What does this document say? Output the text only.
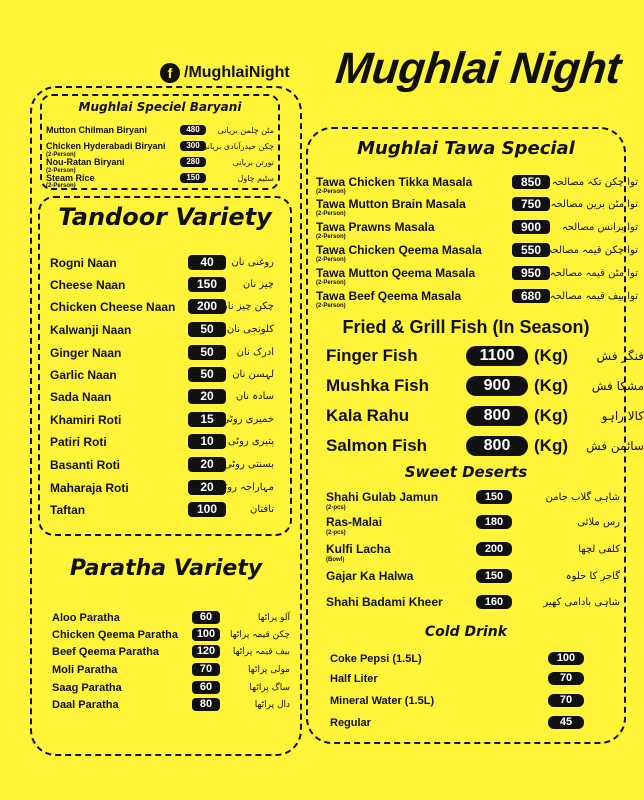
f /MughlaiNight Mughlai Night
Mughlai Speciel Baryani
Mutton Chilman Biryani	480	مٹن چلمن بریانی
Chicken Hyderabadi Biryani	300 چکن حیدرآبادی بریانی
(2-Person)
Nou-Ratan Biryani	280	نورتن بریانی
(2-Person)
Steam Rice	150	سٹیم چاول
(2-Person)
Tandoor Variety
Rogni Naan	40	روغنی نان
Cheese Naan	150	چیز نان
Chicken Cheese Naan	200 چکن چیز نان
Kalwanji Naan	50	کلونجی نان
Ginger Naan	50	ادرک نان
Garlic Naan	50	لہسن نان
Sada Naan	20	سادہ نان
Khamiri Roti	15 خمیری روٹی
Patiri Roti	10	پتیری روٹی
Basanti Roti	20	بسنتی روٹی
Maharaja Roti	20 مہاراجہ روٹی
Taftan	100	تافتان
Paratha Variety
Aloo Paratha	60	آلو پراٹھا
Chicken Qeema Paratha	100	چکن قیمہ پراٹھا
Beef Qeema Paratha	120	بیف قیمہ پراٹھا
Moli Paratha	70	مولی پراٹھا
Saag Paratha	60	ساگ پراٹھا
Daal Paratha	80	دال پراٹھا
Mughlai Tawa Special
Tawa Chicken Tikka Masala	850	توا چکن تکہ مصالحہ
(2-Person)
Tawa Mutton Brain Masala	750 توا مٹن برین مصالحہ
(2-Person)
Tawa Prawns Masala	900	توا پرانس مصالحہ
(2-Person)
Tawa Chicken Qeema Masala	550 توا چکن قیمہ مصالحہ
(2-Person)
Tawa Mutton Qeema Masala	950 توا مٹن قیمہ مصالحہ
(2-Person)
Tawa Beef Qeema Masala	680 توا بیف قیمہ مصالحہ
(2-Person)
Fried & Grill Fish (In Season)
Finger Fish	1100	(Kg)	فنگر فش
Mushka Fish	900	(Kg)	مشکا فش
Kala Rahu	800	(Kg)	کالا راہو
Salmon Fish	800	(Kg)	سائمن فش
Sweet Deserts
Shahi Gulab Jamun	150	شاہی گلاب جامن
(2-pcs)
Ras-Malai	180	رس ملائی
(2-pcs)
Kulfi Lacha	200	کلفی لچھا
(Bowl)
Gajar Ka Halwa	150	گاجر کا حلوہ
Shahi Badami Kheer	160	شاہی بادامی کھیر
Cold Drink
Coke Pepsi (1.5L)	100
Half Liter	70
Mineral Water (1.5L)	70
Regular	45
